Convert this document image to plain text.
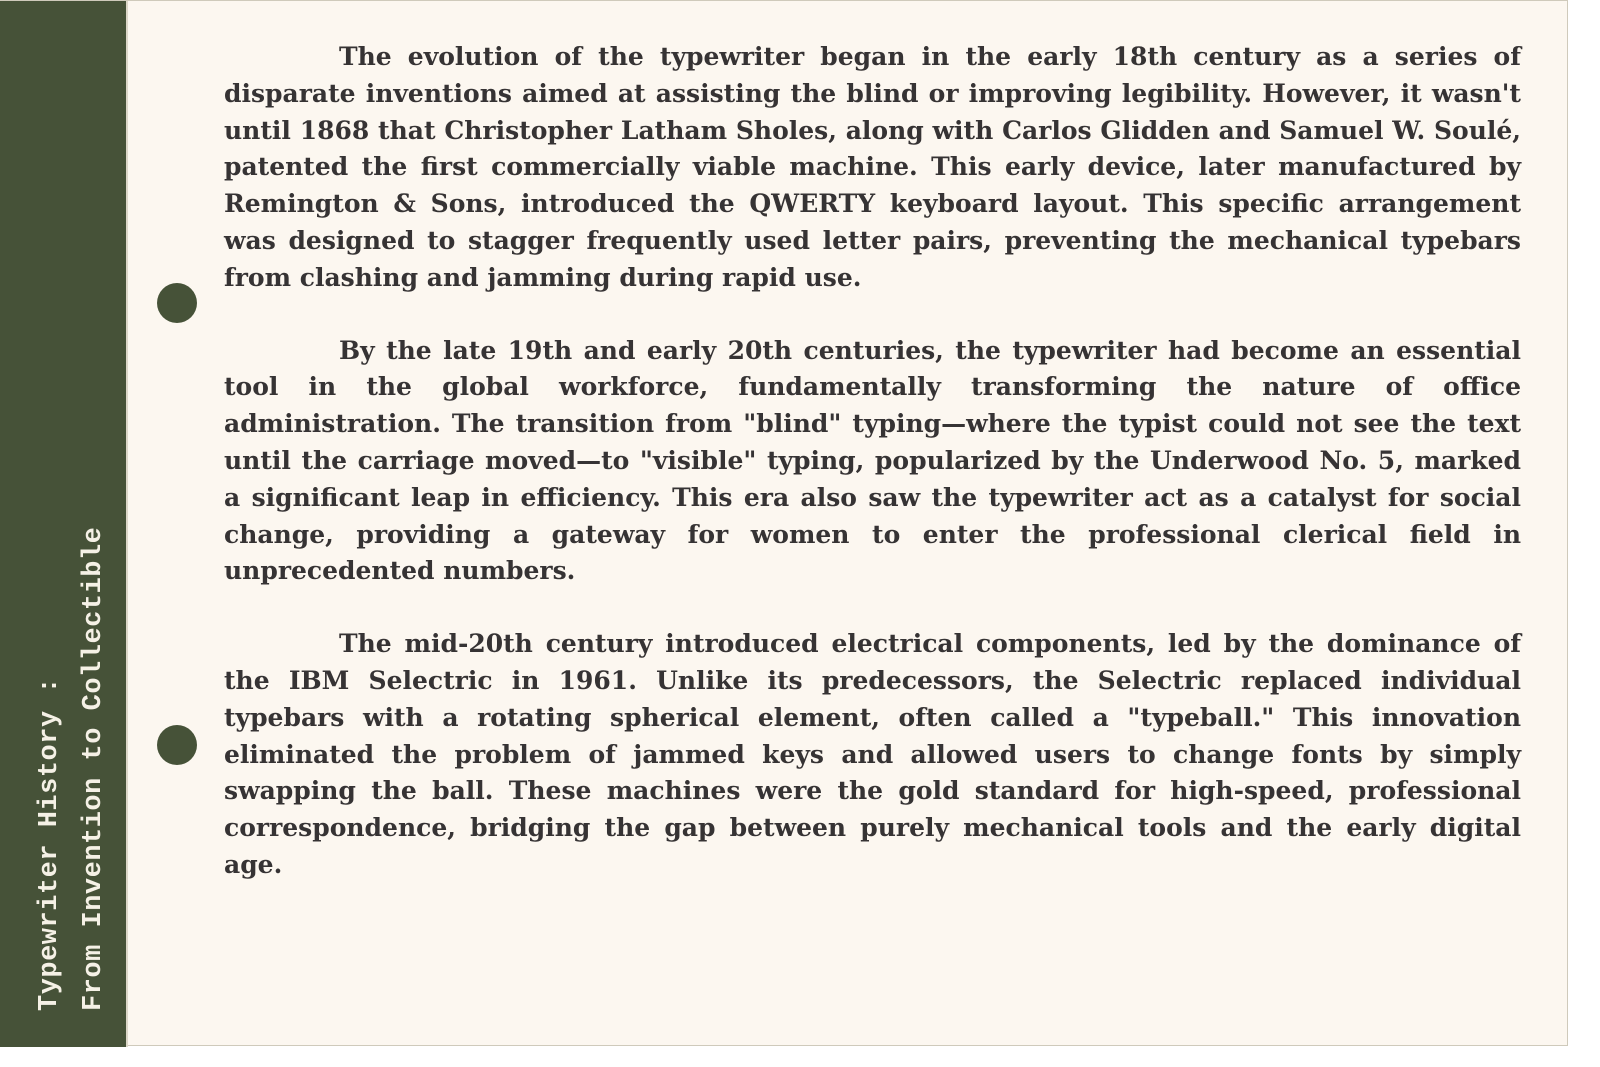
Typewriter History : From Invention to Collectible

The evolution of the typewriter began in the early 18th century as a series of disparate inventions aimed at assisting the blind or improving legibility. However, it wasn't until 1868 that Christopher Latham Sholes, along with Carlos Glidden and Samuel W. Soulé, patented the first commercially viable machine. This early device, later manufactured by Remington & Sons, introduced the QWERTY keyboard layout. This specific arrangement was designed to stagger frequently used letter pairs, preventing the mechanical typebars from clashing and jamming during rapid use.

By the late 19th and early 20th centuries, the typewriter had become an essential tool in the global workforce, fundamentally transforming the nature of office administration. The transition from "blind" typing—where the typist could not see the text until the carriage moved—to "visible" typing, popularized by the Underwood No. 5, marked a significant leap in efficiency. This era also saw the typewriter act as a catalyst for social change, providing a gateway for women to enter the professional clerical field in unprecedented numbers.

The mid-20th century introduced electrical components, led by the dominance of the IBM Selectric in 1961. Unlike its predecessors, the Selectric replaced individual typebars with a rotating spherical element, often called a "typeball." This innovation eliminated the problem of jammed keys and allowed users to change fonts by simply swapping the ball. These machines were the gold standard for high-speed, professional correspondence, bridging the gap between purely mechanical tools and the early digital age.
